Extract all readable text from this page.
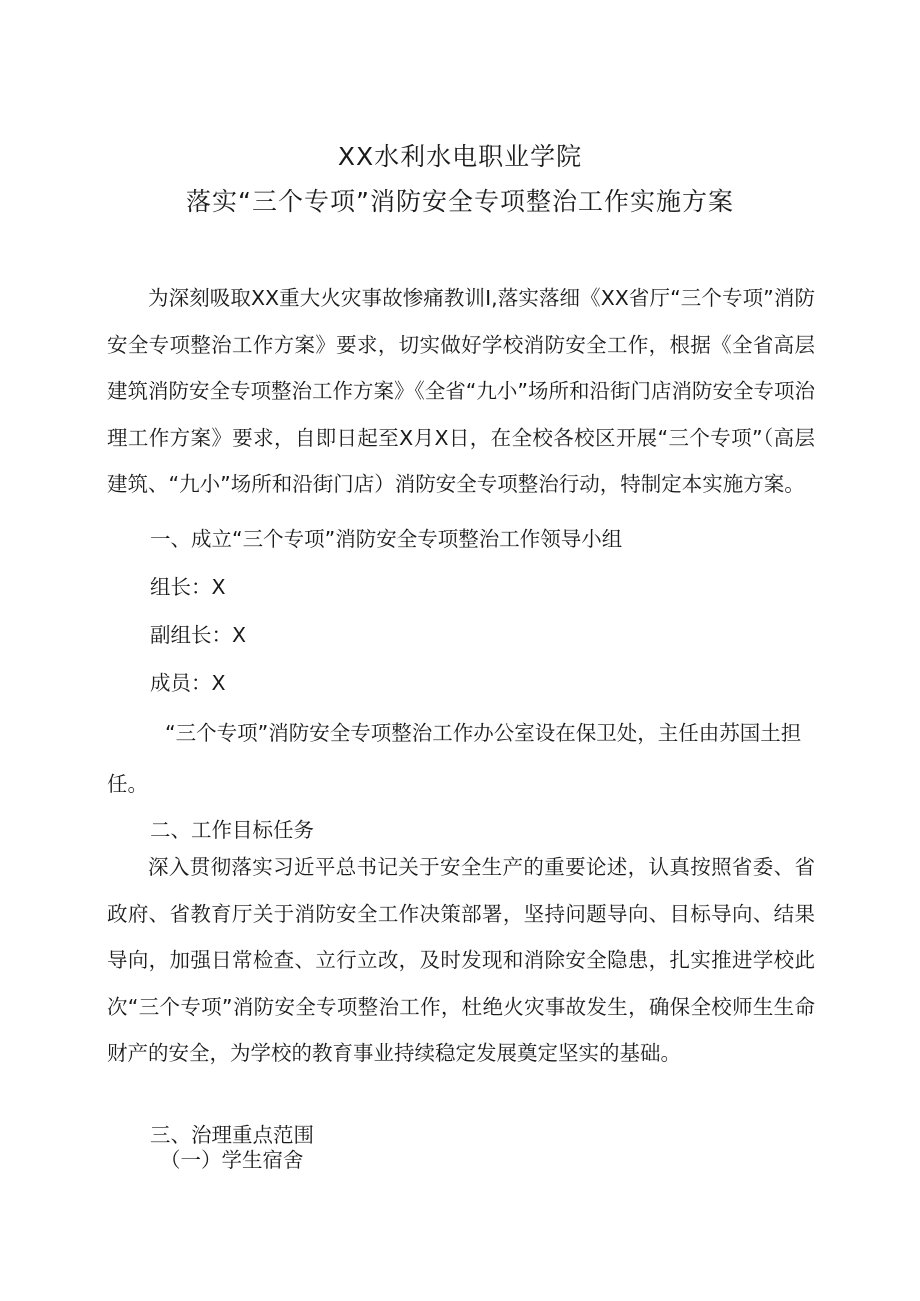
XX水利水电职业学院
落实“三个专项”消防安全专项整治工作实施方案
为深刻吸取XX重大火灾事故惨痛教训I,落实落细《XX省厅“三个专项”消防安全专项整治工作方案》要求，切实做好学校消防安全工作，根据《全省高层建筑消防安全专项整治工作方案》《全省“九小”场所和沿街门店消防安全专项治理工作方案》要求，自即日起至X月X日，在全校各校区开展“三个专项”（高层建筑、“九小”场所和沿街门店）消防安全专项整治行动，特制定本实施方案。
一、成立“三个专项”消防安全专项整治工作领导小组
组长：X
副组长：X
成员：X
“三个专项”消防安全专项整治工作办公室设在保卫处，主任由苏国土担任。
二、工作目标任务
深入贯彻落实习近平总书记关于安全生产的重要论述，认真按照省委、省政府、省教育厅关于消防安全工作决策部署，坚持问题导向、目标导向、结果导向，加强日常检查、立行立改，及时发现和消除安全隐患，扎实推进学校此次“三个专项”消防安全专项整治工作，杜绝火灾事故发生，确保全校师生生命财产的安全，为学校的教育事业持续稳定发展奠定坚实的基础。
三、治理重点范围
（一）学生宿舍
